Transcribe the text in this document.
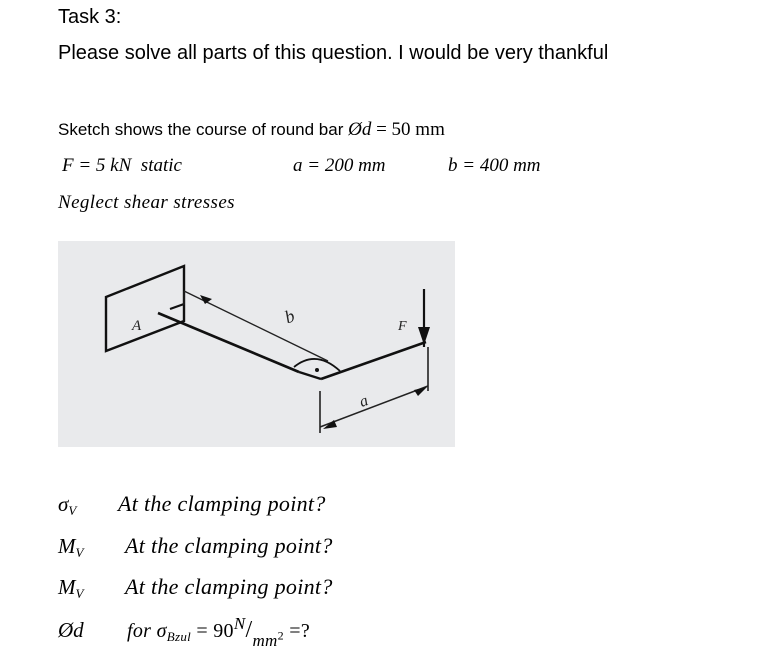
Task 3:
Please solve all parts of this question. I would be very thankful
Sketch shows the course of round bar Ød = 50 mm
F = 5 kN static	a = 200 mm	b = 400 mm
Neglect shear stresses
A	b	F
a
$\sigma_V$ At the clamping point?
$M_V$ At the clamping point?
$M_V$ At the clamping point?
Ød for $\sigma_{Bzul} = 90^N/_{mm^2}$ =?
